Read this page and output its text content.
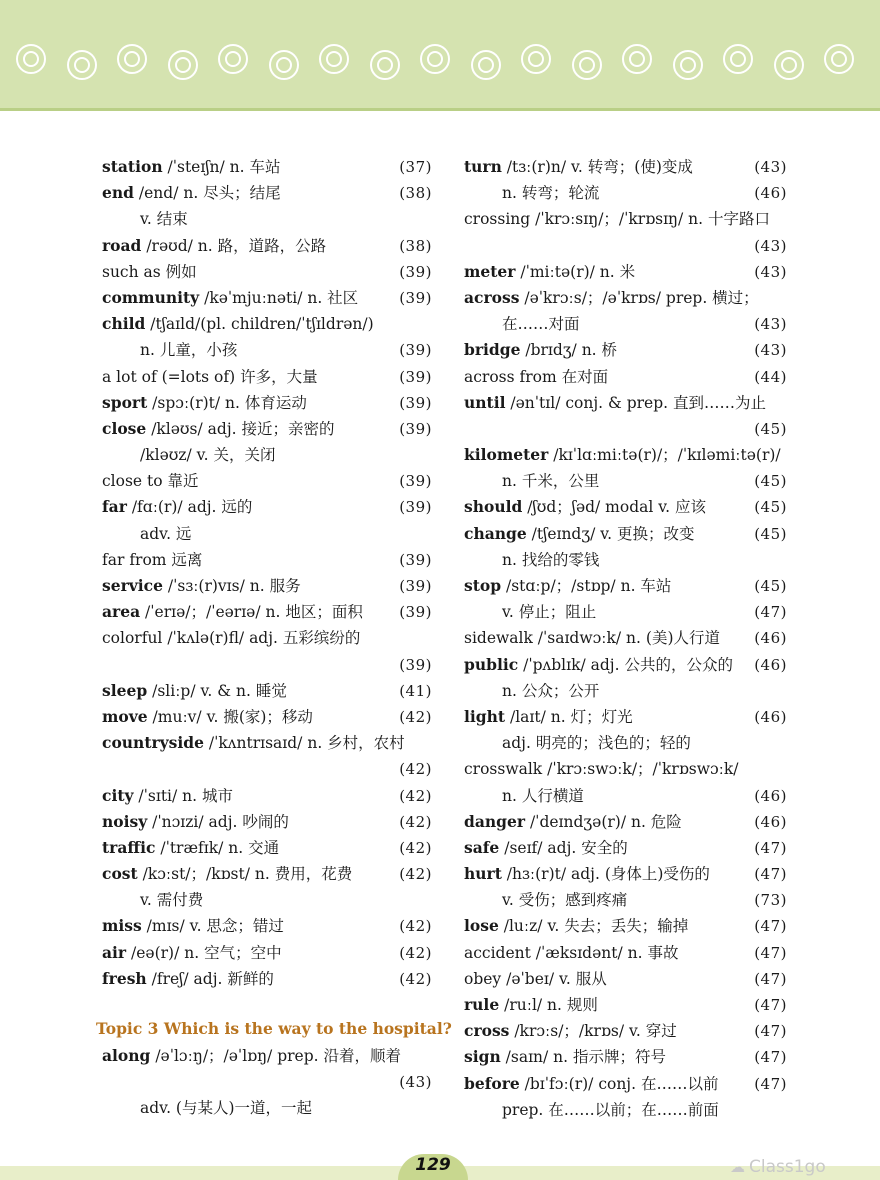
station /ˈsteɪʃn/ n. 车站	(37)
end /end/ n. 尽头；结尾	(38)
v. 结束
road /rəʊd/ n. 路，道路，公路	(38)
such as 例如	(39)
community /kəˈmjuːnəti/ n. 社区	(39)
child /tʃaɪld/(pl. children/ˈtʃɪldrən/)
n. 儿童，小孩	(39)
a lot of (=lots of) 许多，大量	(39)
sport /spɔː(r)t/ n. 体育运动	(39)
close /kləʊs/ adj. 接近；亲密的	(39)
/kləʊz/ v. 关，关闭
close to 靠近	(39)
far /fɑː(r)/ adj. 远的	(39)
adv. 远
far from 远离	(39)
service /ˈsɜː(r)vɪs/ n. 服务	(39)
area /ˈerɪə/；/ˈeərɪə/ n. 地区；面积 (39)
colorful /ˈkʌlə(r)fl/ adj. 五彩缤纷的
(39)
sleep /sliːp/ v. & n. 睡觉	(41)
move /muːv/ v. 搬(家)；移动	(42)
countryside /ˈkʌntrɪsaɪd/ n. 乡村，农村
(42)
city /ˈsɪti/ n. 城市	(42)
noisy /ˈnɔɪzi/ adj. 吵闹的	(42)
traffic /ˈtræfɪk/ n. 交通	(42)
cost /kɔːst/；/kɒst/ n. 费用，花费	(42)
v. 需付费
miss /mɪs/ v. 思念；错过	(42)
air /eə(r)/ n. 空气；空中	(42)
fresh /freʃ/ adj. 新鲜的	(42)
Topic 3 Which is the way to the hospital?
along /əˈlɔːŋ/；/əˈlɒŋ/ prep. 沿着，顺着
(43)
adv. (与某人)一道，一起
turn /tɜː(r)n/ v. 转弯；(使)变成	(43)
n. 转弯；轮流	(46)
crossing /ˈkrɔːsɪŋ/；/ˈkrɒsɪŋ/ n. 十字路口
(43)
meter /ˈmiːtə(r)/ n. 米	(43)
across /əˈkrɔːs/；/əˈkrɒs/ prep. 横过；
在……对面	(43)
bridge /brɪdʒ/ n. 桥	(43)
across from 在对面	(44)
until /ənˈtɪl/ conj. & prep. 直到……为止
(45)
kilometer /kɪˈlɑːmiːtə(r)/；/ˈkɪləmiːtə(r)/
n. 千米，公里	(45)
should /ʃʊd；ʃəd/ modal v. 应该	(45)
change /tʃeɪndʒ/ v. 更换；改变	(45)
n. 找给的零钱
stop /stɑːp/；/stɒp/ n. 车站	(45)
v. 停止；阻止	(47)
sidewalk /ˈsaɪdwɔːk/ n. (美)人行道 (46)
public /ˈpʌblɪk/ adj. 公共的，公众的 (46)
n. 公众；公开
light /laɪt/ n. 灯；灯光	(46)
adj. 明亮的；浅色的；轻的
crosswalk /ˈkrɔːswɔːk/；/ˈkrɒswɔːk/
n. 人行横道	(46)
danger /ˈdeɪndʒə(r)/ n. 危险	(46)
safe /seɪf/ adj. 安全的	(47)
hurt /hɜː(r)t/ adj. (身体上)受伤的	(47)
v. 受伤；感到疼痛	(73)
lose /luːz/ v. 失去；丢失；输掉	(47)
accident /ˈæksɪdənt/ n. 事故	(47)
obey /əˈbeɪ/ v. 服从	(47)
rule /ruːl/ n. 规则	(47)
cross /krɔːs/；/krɒs/ v. 穿过	(47)
sign /saɪn/ n. 指示牌；符号	(47)
before /bɪˈfɔː(r)/ conj. 在……以前 (47)
prep. 在……以前；在……前面
129	☁ Class1go
